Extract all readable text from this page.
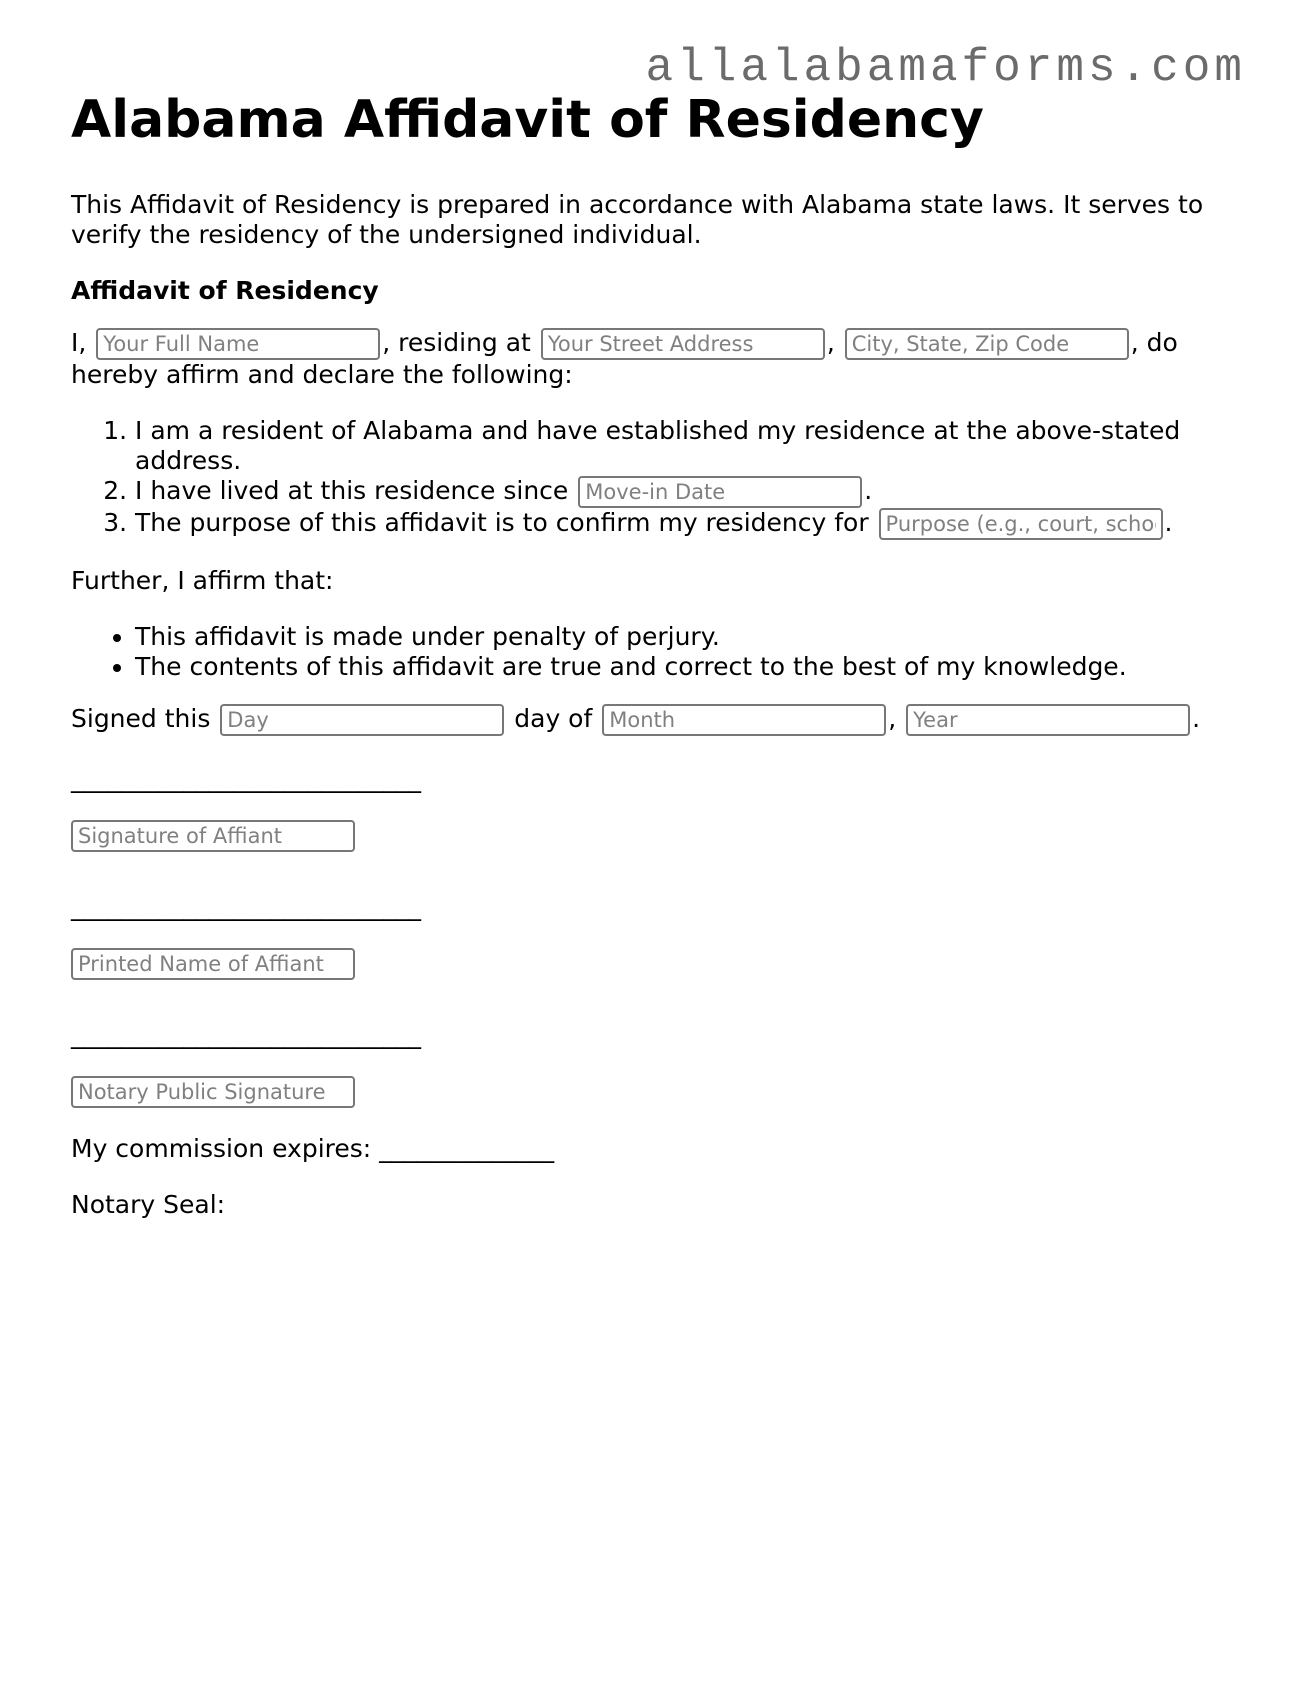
allalabamaforms.com

Alabama Affidavit of Residency

This Affidavit of Residency is prepared in accordance with Alabama state laws. It serves to verify the residency of the undersigned individual.

Affidavit of Residency

I, Your Full Name	, residing at Your Street Address	, City, State, Zip Code	, do hereby affirm and declare the following:

1. I am a resident of Alabama and have established my residence at the above-stated address.
2. I have lived at this residence since Move-in Date	.
3. The purpose of this affidavit is to confirm my residency for Purpose (e.g., court, school, etc.)	.

Further, I affirm that:

• This affidavit is made under penalty of perjury.
• The contents of this affidavit are true and correct to the best of my knowledge.

Signed this Day	day of Month	, Year	.

____________________________
Signature of Affiant
____________________________
Printed Name of Affiant
____________________________
Notary Public Signature

My commission expires: ______________

Notary Seal:
